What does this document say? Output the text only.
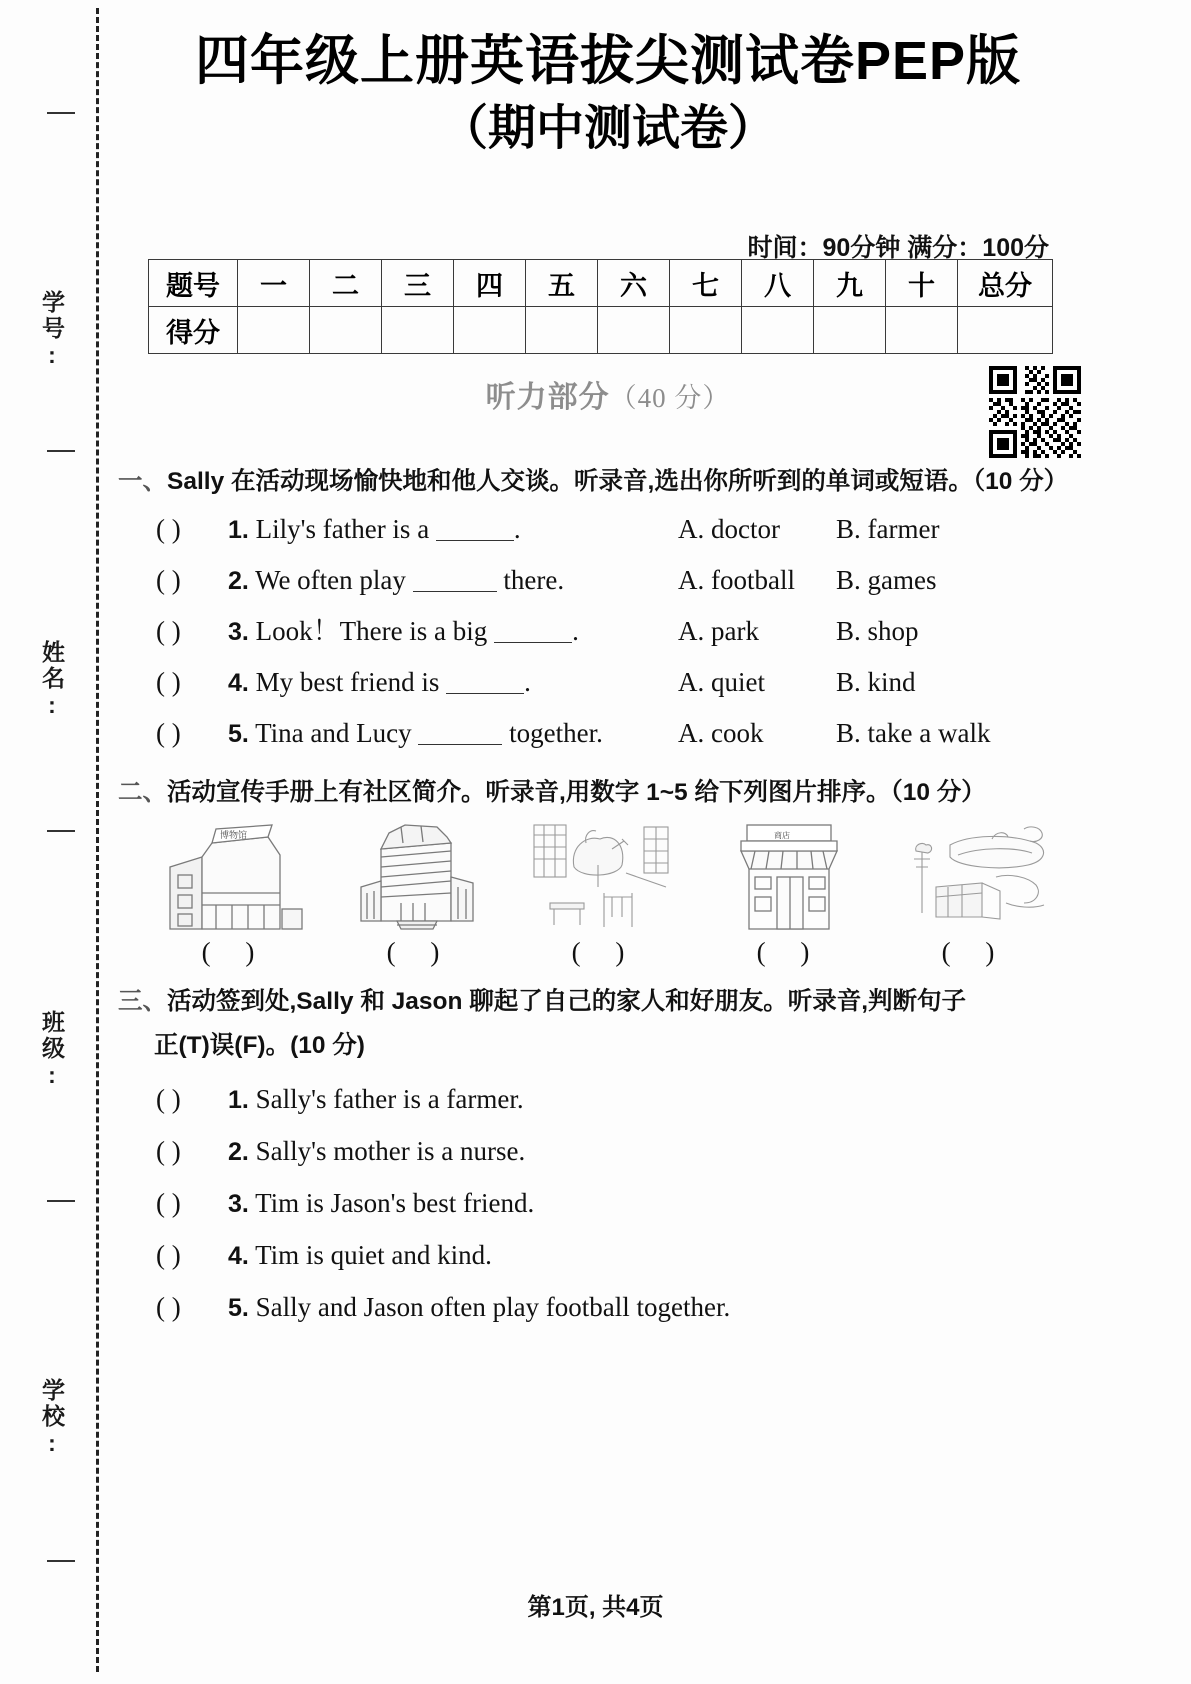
学号:
姓名:
班级:
学校:
四年级上册英语拔尖测试卷PEP版
（期中测试卷）
时间：90分钟 满分：100分
题号	一	二	三	四	五	六	七	八	九	十	总分
得分											
听力部分（40 分）
一、Sally 在活动现场愉快地和他人交谈。听录音,选出你所听到的单词或短语。（10 分）
( ) 1. Lily's father is a	.	A. doctor B. farmer
( ) 2. We often play	there.	A. football B. games
( ) 3. Look！There is a big	.	A. park	B. shop
( ) 4. My best friend is	.	A. quiet	B. kind
( ) 5. Tina and Lucy	together.	A. cook	B. take a walk
二、活动宣传手册上有社区简介。听录音,用数字 1~5 给下列图片排序。（10 分）
博物馆	商店
( )	( )	( )	( )	( )
三、活动签到处,Sally 和 Jason 聊起了自己的家人和好朋友。听录音,判断句子
正(T)误(F)。(10 分)
( )	1. Sally's father is a farmer.
( )	2. Sally's mother is a nurse.
( )	3. Tim is Jason's best friend.
( )	4. Tim is quiet and kind.
( )	5. Sally and Jason often play football together.
第1页, 共4页
